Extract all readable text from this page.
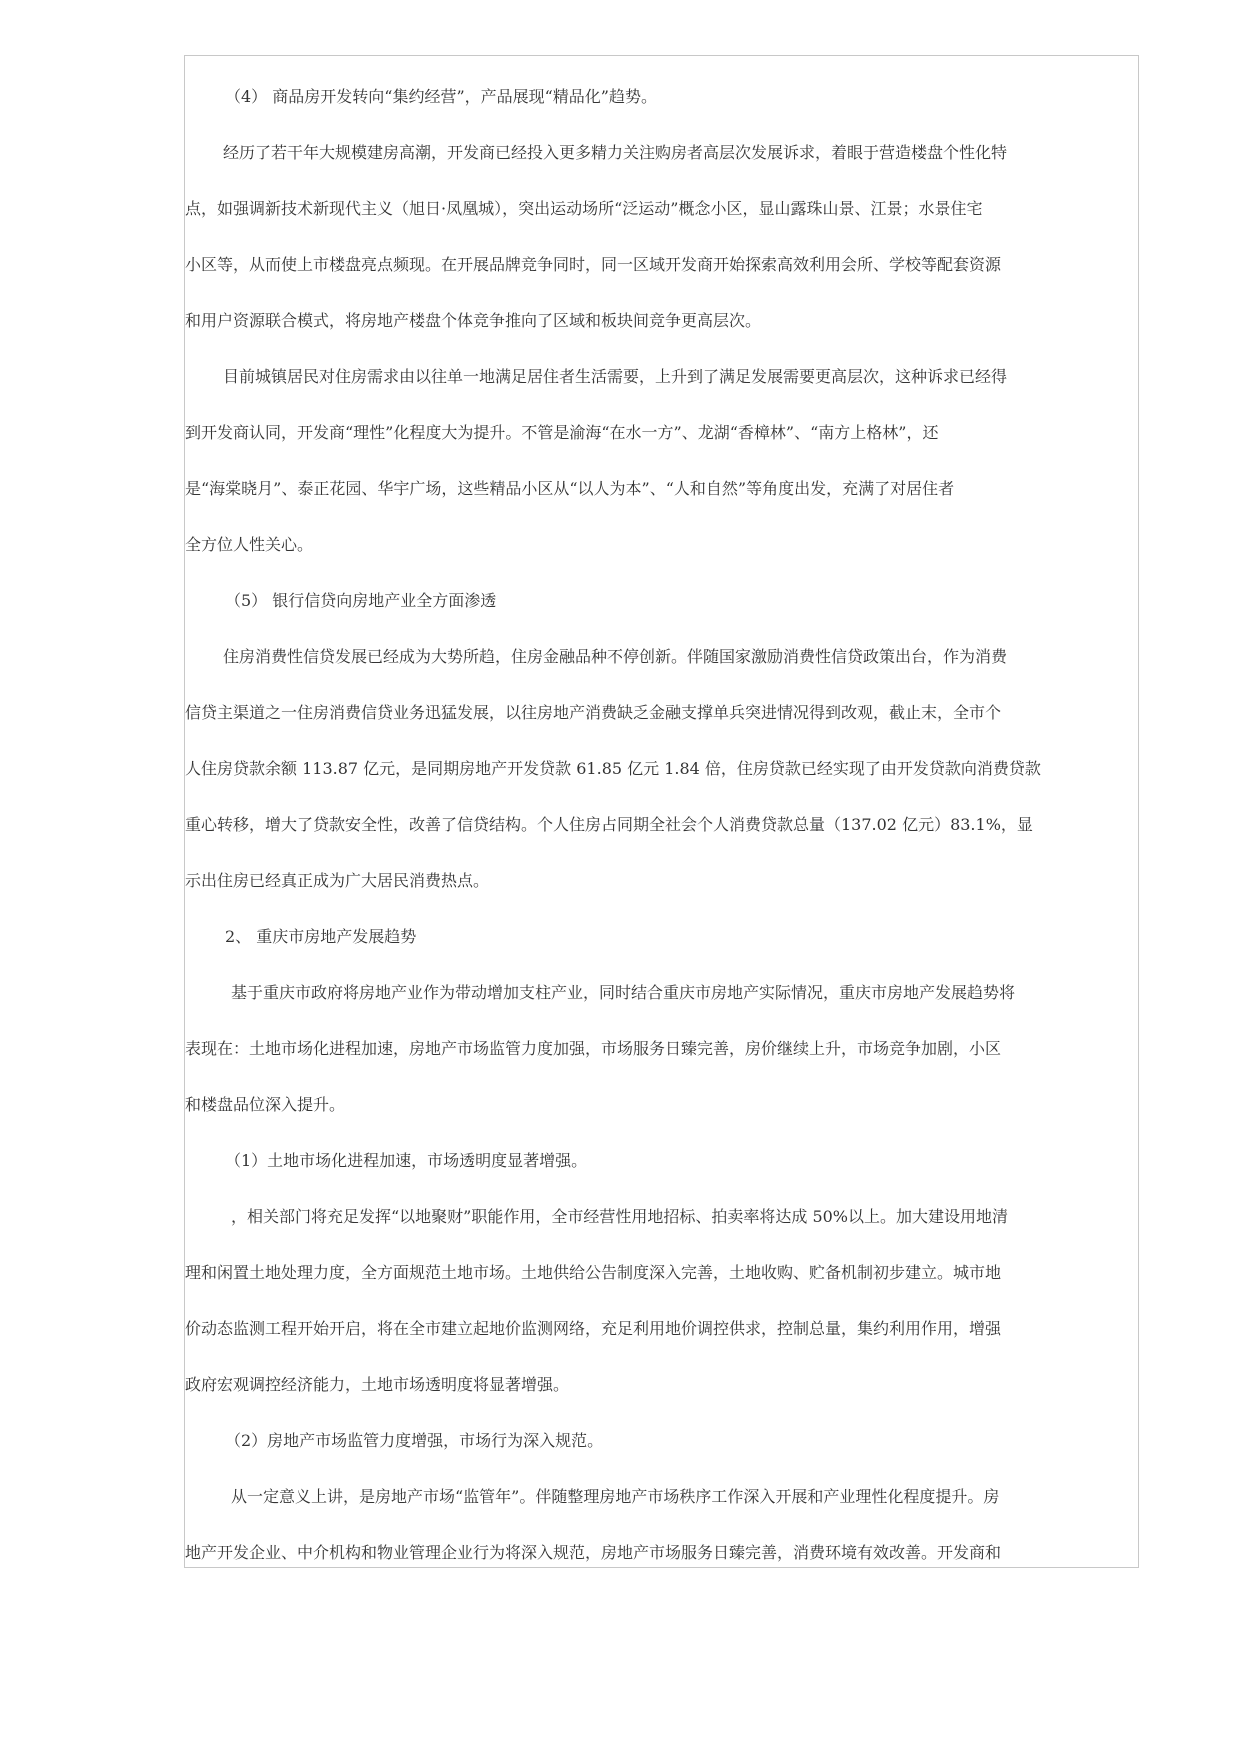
（4） 商品房开发转向“集约经营”，产品展现“精品化”趋势。
经历了若干年大规模建房高潮，开发商已经投入更多精力关注购房者高层次发展诉求，着眼于营造楼盘个性化特
点，如强调新技术新现代主义（旭日·凤凰城），突出运动场所“泛运动”概念小区，显山露珠山景、江景；水景住宅
小区等，从而使上市楼盘亮点频现。在开展品牌竞争同时，同一区域开发商开始探索高效利用会所、学校等配套资源
和用户资源联合模式，将房地产楼盘个体竞争推向了区域和板块间竞争更高层次。
目前城镇居民对住房需求由以往单一地满足居住者生活需要，上升到了满足发展需要更高层次，这种诉求已经得
到开发商认同，开发商“理性”化程度大为提升。不管是渝海“在水一方”、龙湖“香樟林”、“南方上格林”，还
是“海棠晓月”、泰正花园、华宇广场，这些精品小区从“以人为本”、“人和自然”等角度出发，充满了对居住者
全方位人性关心。
（5） 银行信贷向房地产业全方面渗透
住房消费性信贷发展已经成为大势所趋，住房金融品种不停创新。伴随国家激励消费性信贷政策出台，作为消费
信贷主渠道之一住房消费信贷业务迅猛发展，以往房地产消费缺乏金融支撑单兵突进情况得到改观，截止末，全市个
人住房贷款余额 113.87 亿元，是同期房地产开发贷款 61.85 亿元 1.84 倍，住房贷款已经实现了由开发贷款向消费贷款
重心转移，增大了贷款安全性，改善了信贷结构。个人住房占同期全社会个人消费贷款总量（137.02 亿元）83.1%，显
示出住房已经真正成为广大居民消费热点。
2、 重庆市房地产发展趋势
基于重庆市政府将房地产业作为带动增加支柱产业，同时结合重庆市房地产实际情况，重庆市房地产发展趋势将
表现在：土地市场化进程加速，房地产市场监管力度加强，市场服务日臻完善，房价继续上升，市场竞争加剧，小区
和楼盘品位深入提升。
（1）土地市场化进程加速，市场透明度显著增强。
，相关部门将充足发挥“以地聚财”职能作用，全市经营性用地招标、拍卖率将达成 50%以上。加大建设用地清
理和闲置土地处理力度，全方面规范土地市场。土地供给公告制度深入完善，土地收购、贮备机制初步建立。城市地
价动态监测工程开始开启，将在全市建立起地价监测网络，充足利用地价调控供求，控制总量，集约利用作用，增强
政府宏观调控经济能力，土地市场透明度将显著增强。
（2）房地产市场监管力度增强，市场行为深入规范。
从一定意义上讲，是房地产市场“监管年”。伴随整理房地产市场秩序工作深入开展和产业理性化程度提升。房
地产开发企业、中介机构和物业管理企业行为将深入规范，房地产市场服务日臻完善，消费环境有效改善。开发商和
